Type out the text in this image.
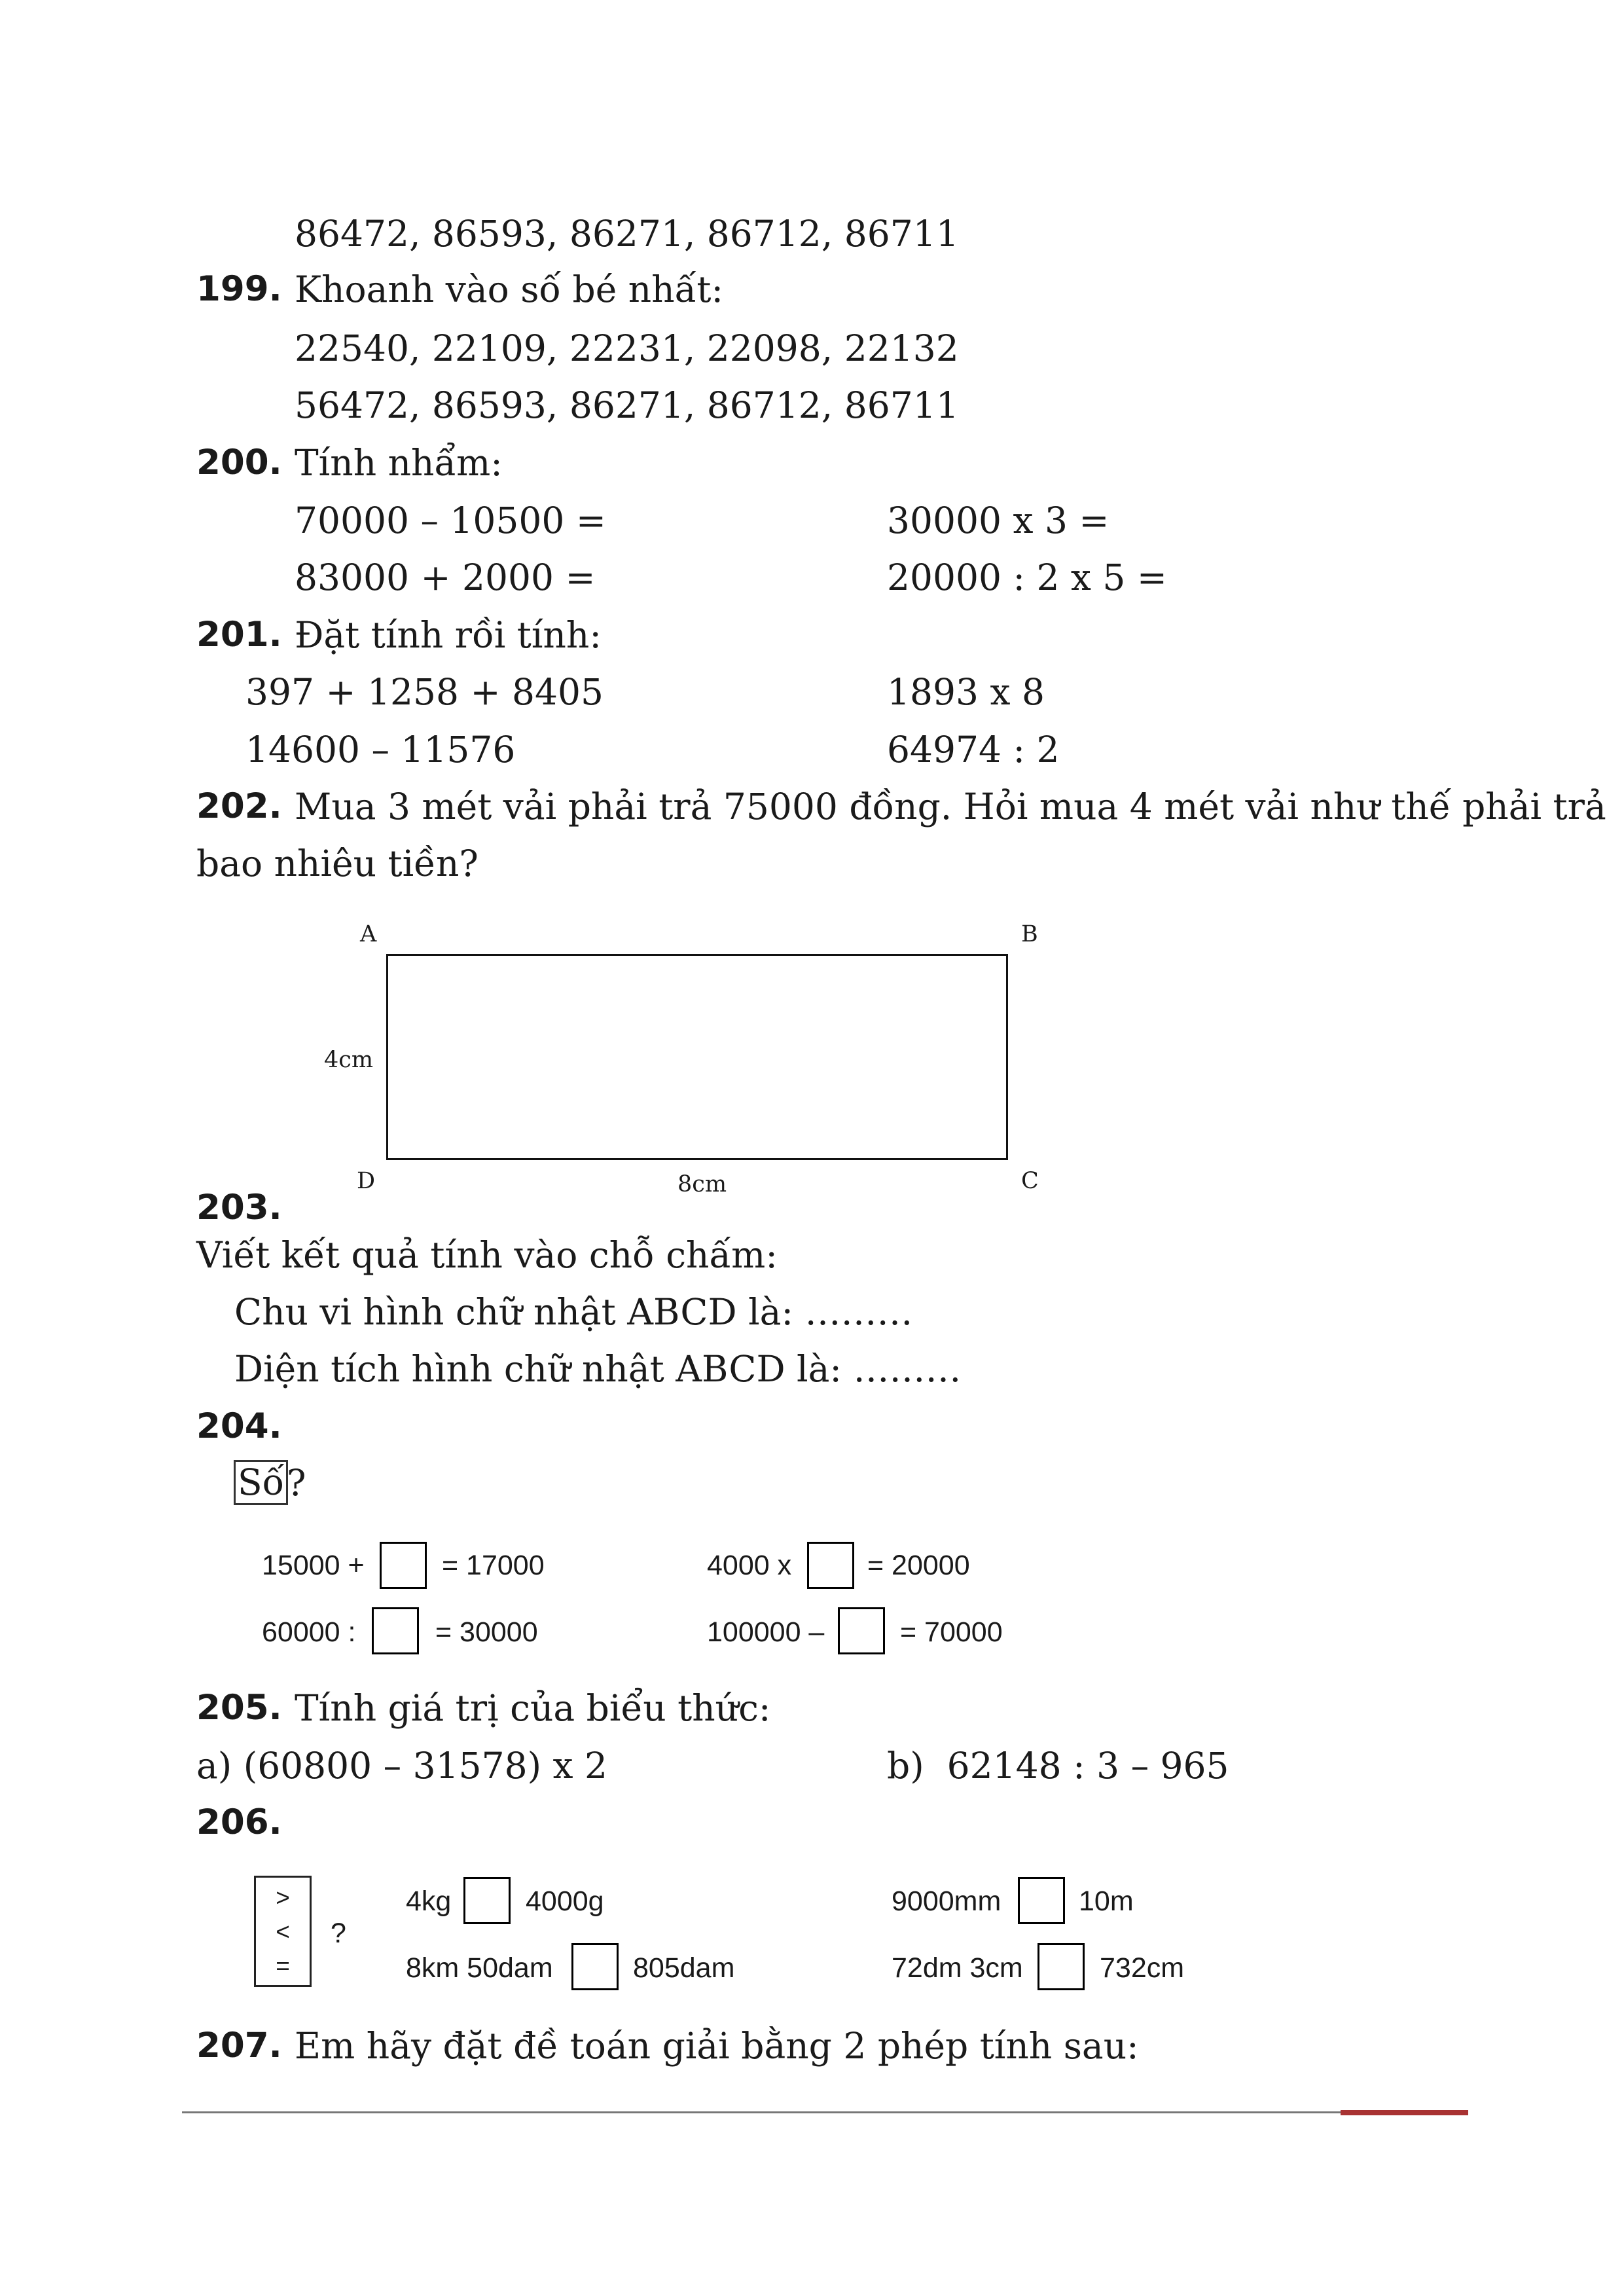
86472, 86593, 86271, 86712, 86711
199. Khoanh vào số bé nhất:
22540, 22109, 22231, 22098, 22132
56472, 86593, 86271, 86712, 86711
200. Tính nhẩm:
70000 – 10500 =	30000 x 3 =
83000 + 2000 =	20000 : 2 x 5 =
201. Đặt tính rồi tính:
397 + 1258 + 8405	1893 x 8
14600 – 11576	64974 : 2
202. Mua 3 mét vải phải trả 75000 đồng. Hỏi mua 4 mét vải như thế phải trả
bao nhiêu tiền?
A	B
C
D
4cm
8cm
203.
Viết kết quả tính vào chỗ chấm:
Chu vi hình chữ nhật ABCD là: ………
Diện tích hình chữ nhật ABCD là: ………
204.
Số ?
15000 +	= 17000	4000 x	= 20000
60000 :	= 30000	100000 –	= 70000
205. Tính giá trị của biểu thức:
a) (60800 – 31578) x 2	b)  62148 : 3 – 965
206.
>
<
=
?
4kg	4000g	9000mm	10m
8km 50dam	805dam	72dm 3cm	732cm
207. Em hãy đặt đề toán giải bằng 2 phép tính sau:
